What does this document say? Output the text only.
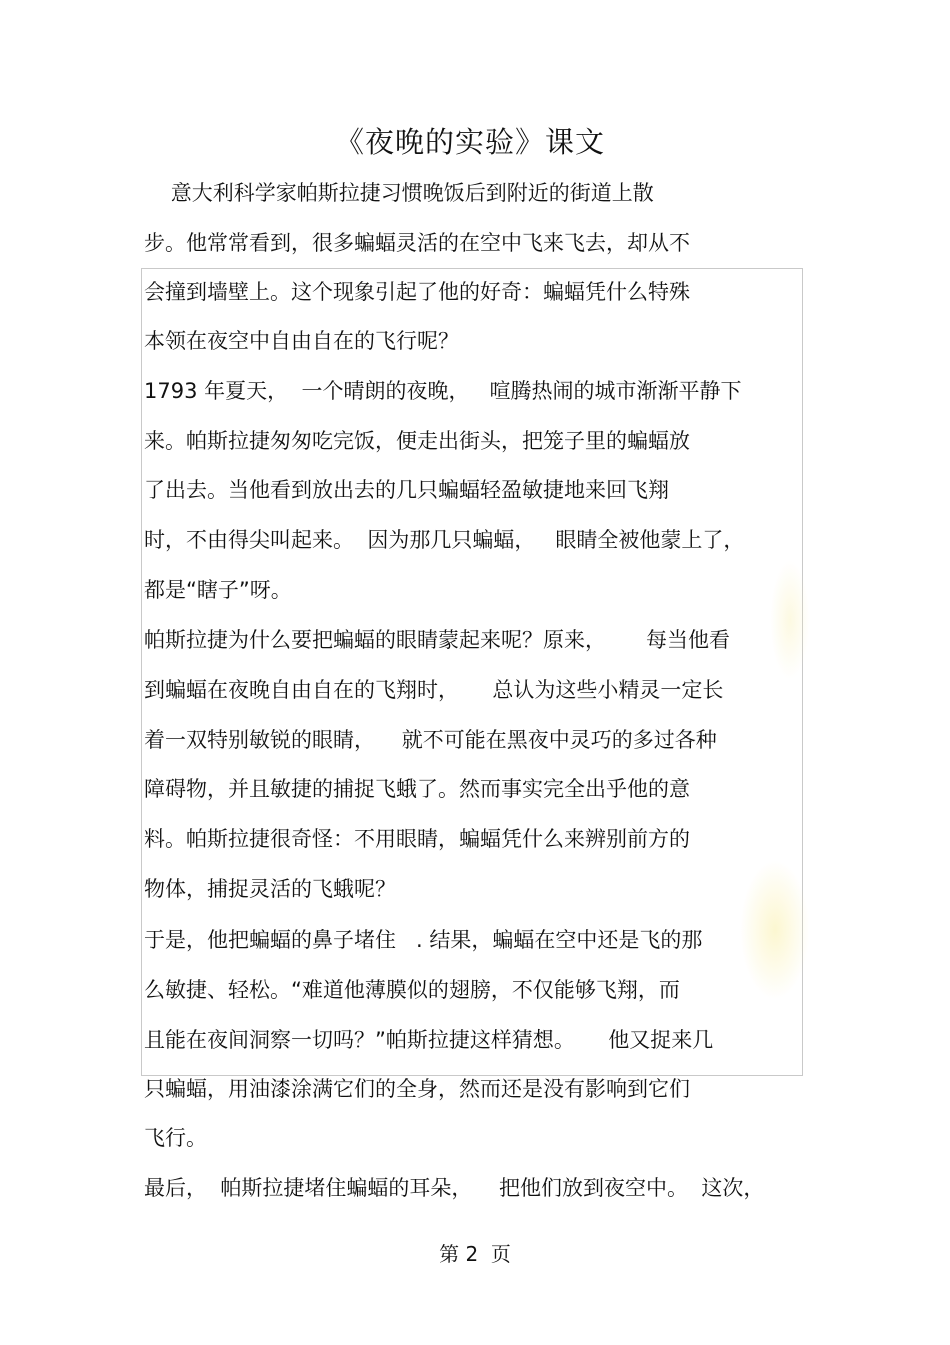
《夜晚的实验》课文
意大利科学家帕斯拉捷习惯晚饭后到附近的街道上散
步。他常常看到，很多蝙蝠灵活的在空中飞来飞去，却从不
会撞到墙壁上。这个现象引起了他的好奇：蝙蝠凭什么特殊
本领在夜空中自由自在的飞行呢？
1793 年夏天，  一个晴朗的夜晚，   喧腾热闹的城市渐渐平静下
来。帕斯拉捷匆匆吃完饭，便走出街头，把笼子里的蝙蝠放
了出去。当他看到放出去的几只蝙蝠轻盈敏捷地来回飞翔
时，不由得尖叫起来。  因为那几只蝙蝠，   眼睛全被他蒙上了，
都是“瞎子”呀。
帕斯拉捷为什么要把蝙蝠的眼睛蒙起来呢？原来，      每当他看
到蝙蝠在夜晚自由自在的飞翔时，     总认为这些小精灵一定长
着一双特别敏锐的眼睛，    就不可能在黑夜中灵巧的多过各种
障碍物，并且敏捷的捕捉飞蛾了。然而事实完全出乎他的意
料。帕斯拉捷很奇怪：不用眼睛，蝙蝠凭什么来辨别前方的
物体，捕捉灵活的飞蛾呢？
于是，他把蝙蝠的鼻子堵住   . 结果，蝙蝠在空中还是飞的那
么敏捷、轻松。“难道他薄膜似的翅膀，不仅能够飞翔，而
且能在夜间洞察一切吗？”帕斯拉捷这样猜想。     他又捉来几
只蝙蝠，用油漆涂满它们的全身，然而还是没有影响到它们
飞行。
最后，  帕斯拉捷堵住蝙蝠的耳朵，    把他们放到夜空中。  这次，
第 2  页
